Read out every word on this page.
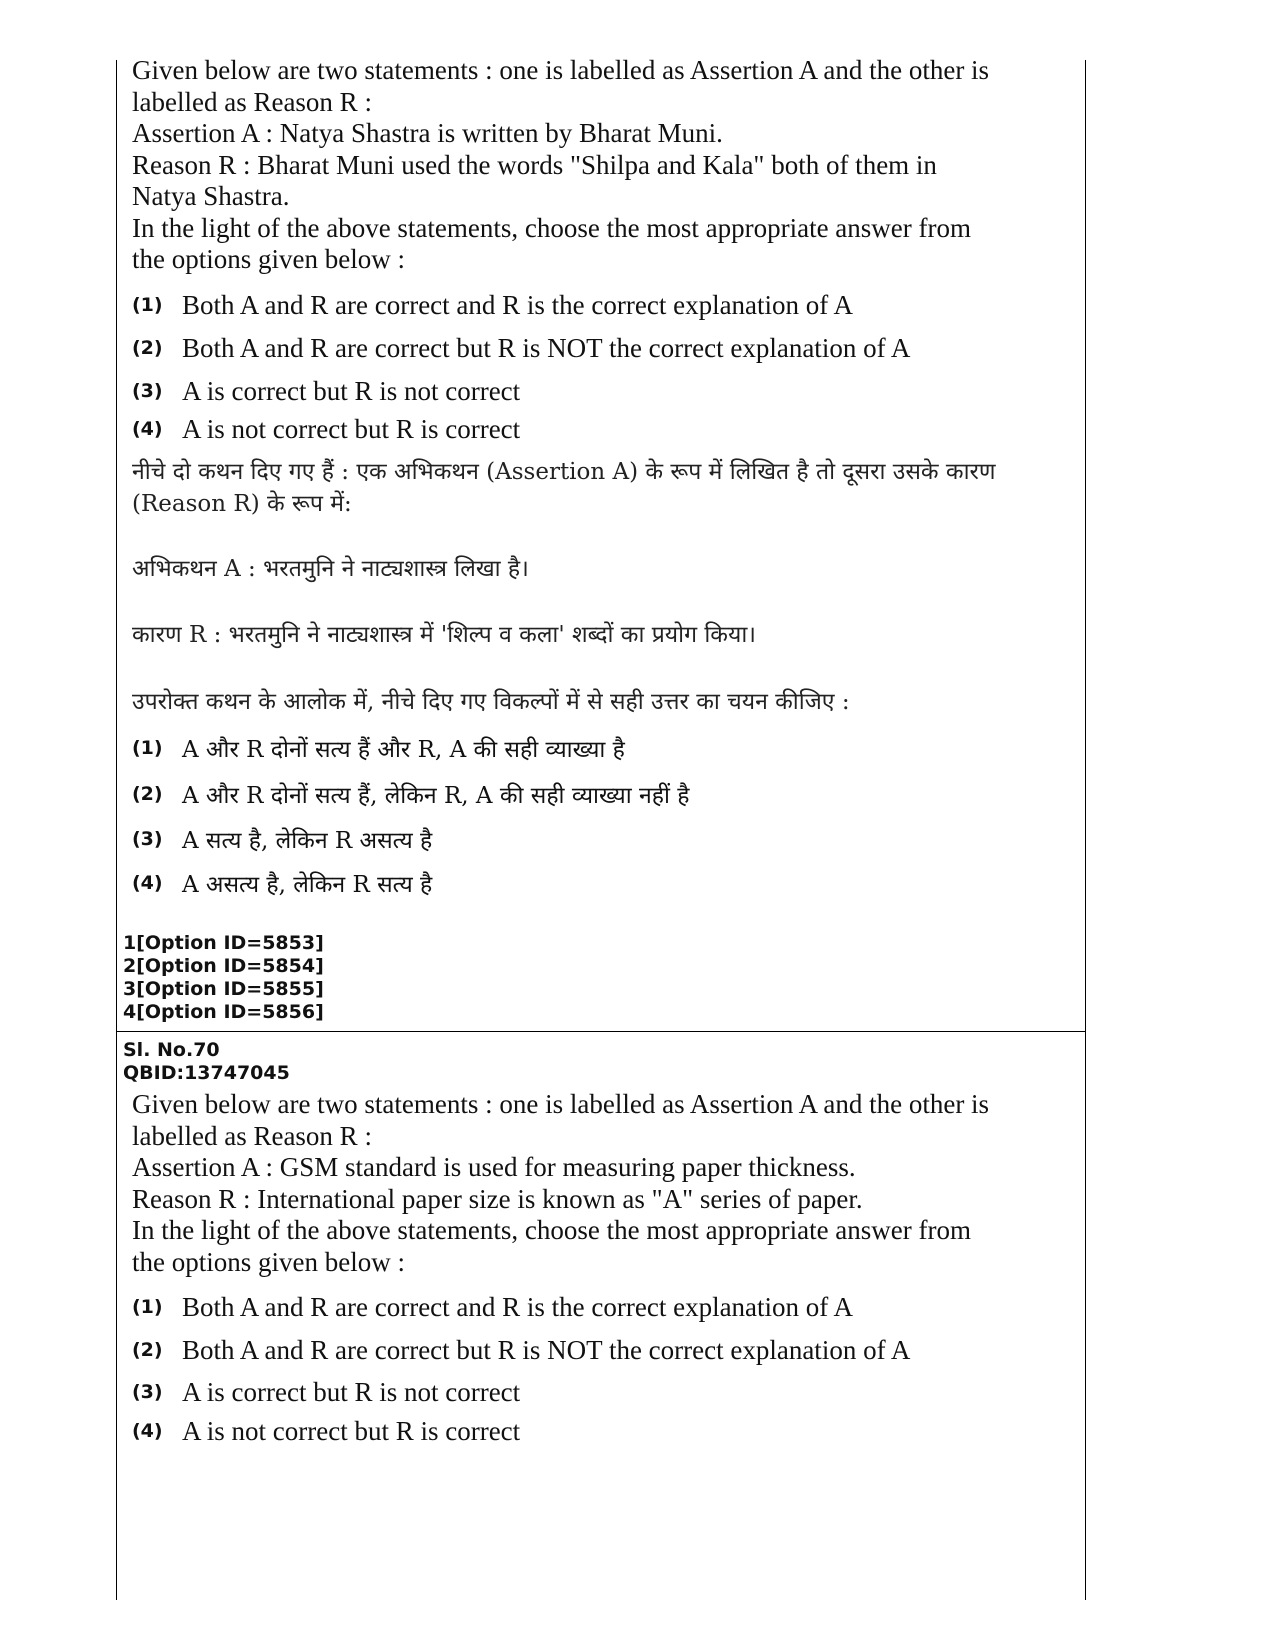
Given below are two statements : one is labelled as Assertion A and the other is

labelled as Reason R :

Assertion A : Natya Shastra is written by Bharat Muni.

Reason R : Bharat Muni used the words "Shilpa and Kala" both of them in

Natya Shastra.

In the light of the above statements, choose the most appropriate answer from

the options given below :

(1) Both A and R are correct and R is the correct explanation of A
(2) Both A and R are correct but R is NOT the correct explanation of A
(3) A is correct but R is not correct
(4) A is not correct but R is correct

नीचे दो कथन दिए गए हैं : एक अभिकथन (Assertion A) के रूप में लिखित है तो दूसरा उसके कारण

(Reason R) के रूप में:

अभिकथन A : भरतमुनि ने नाट्यशास्त्र लिखा है।

कारण R : भरतमुनि ने नाट्यशास्त्र में 'शिल्प व कला' शब्दों का प्रयोग किया।

उपरोक्त कथन के आलोक में, नीचे दिए गए विकल्पों में से सही उत्तर का चयन कीजिए :

(1) A और R दोनों सत्य हैं और R, A की सही व्याख्या है
(2) A और R दोनों सत्य हैं, लेकिन R, A की सही व्याख्या नहीं है
(3) A सत्य है, लेकिन R असत्य है
(4) A असत्य है, लेकिन R सत्य है
1[Option ID=5853]
2[Option ID=5854]
3[Option ID=5855]
4[Option ID=5856]
Sl. No.70
QBID:13747045

Given below are two statements : one is labelled as Assertion A and the other is

labelled as Reason R :

Assertion A : GSM standard is used for measuring paper thickness.

Reason R : International paper size is known as "A" series of paper.

In the light of the above statements, choose the most appropriate answer from

the options given below :

(1) Both A and R are correct and R is the correct explanation of A
(2) Both A and R are correct but R is NOT the correct explanation of A
(3) A is correct but R is not correct
(4) A is not correct but R is correct
